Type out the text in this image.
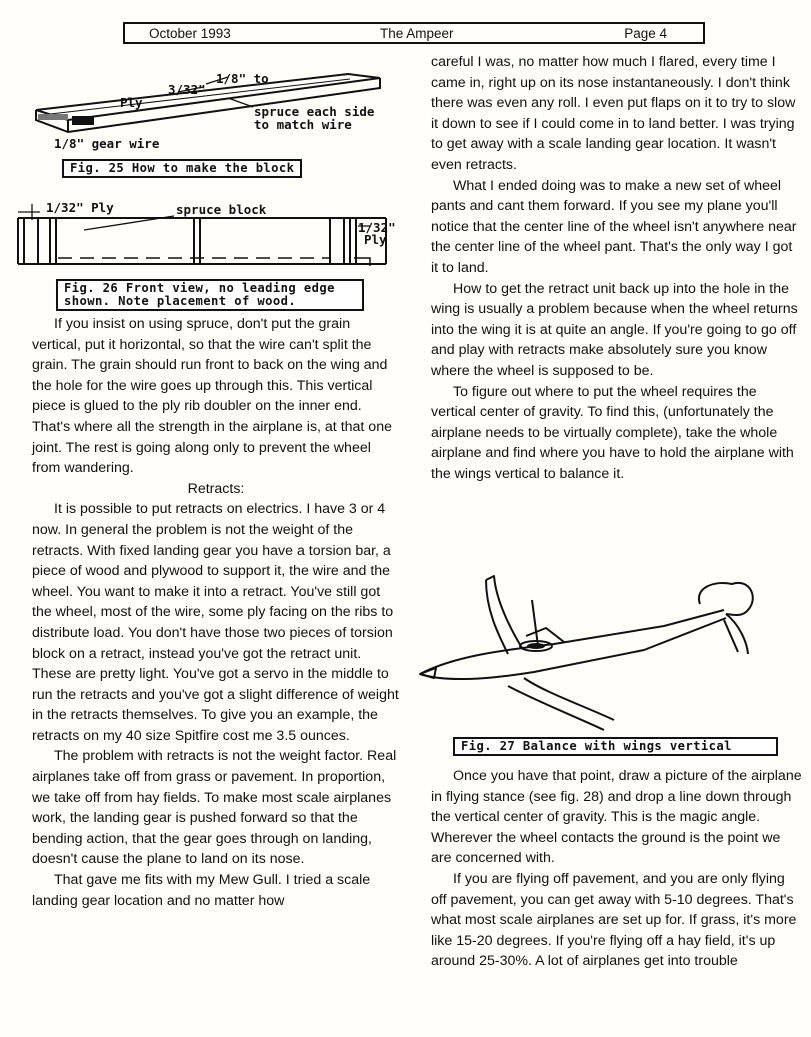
October 1993	The Ampeer	Page 4
1/8" to
3/32"
Ply
spruce each side
to match wire
1/8" gear wire
Fig. 25 How to make the block
1/32" Ply	spruce block
1/32"
Ply
Fig. 26 Front view, no leading edge
shown. Note placement of wood.

If you insist on using spruce, don't put the grain vertical, put it horizontal, so that the wire can't split the grain. The grain should run front to back on the wing and the hole for the wire goes up through this. This vertical piece is glued to the ply rib doubler on the inner end. That's where all the strength in the airplane is, at that one joint. The rest is going along only to prevent the wheel from wandering.

Retracts:

It is possible to put retracts on electrics. I have 3 or 4 now. In general the problem is not the weight of the retracts. With fixed landing gear you have a torsion bar, a piece of wood and plywood to support it, the wire and the wheel. You want to make it into a retract. You've still got the wheel, most of the wire, some ply facing on the ribs to distribute load. You don't have those two pieces of torsion block on a retract, instead you've got the retract unit. These are pretty light. You've got a servo in the middle to run the retracts and you've got a slight difference of weight in the retracts themselves. To give you an example, the retracts on my 40 size Spitfire cost me 3.5 ounces.

The problem with retracts is not the weight factor. Real airplanes take off from grass or pavement. In proportion, we take off from hay fields. To make most scale airplanes work, the landing gear is pushed forward so that the bending action, that the gear goes through on landing, doesn't cause the plane to land on its nose.

That gave me fits with my Mew Gull. I tried a scale landing gear location and no matter how

careful I was, no matter how much I flared, every time I came in, right up on its nose instantaneously. I don't think there was even any roll. I even put flaps on it to try to slow it down to see if I could come in to land better. I was trying to get away with a scale landing gear location. It wasn't even retracts.

What I ended doing was to make a new set of wheel pants and cant them forward. If you see my plane you'll notice that the center line of the wheel isn't anywhere near the center line of the wheel pant. That's the only way I got it to land.

How to get the retract unit back up into the hole in the wing is usually a problem because when the wheel returns into the wing it is at quite an angle. If you're going to go off and play with retracts make absolutely sure you know where the wheel is supposed to be.

To figure out where to put the wheel requires the vertical center of gravity. To find this, (unfortunately the airplane needs to be virtually complete), take the whole airplane and find where you have to hold the airplane with the wings vertical to balance it.

Fig. 27 Balance with wings vertical

Once you have that point, draw a picture of the airplane in flying stance (see fig. 28) and drop a line down through the vertical center of gravity. This is the magic angle. Wherever the wheel contacts the ground is the point we are concerned with.

If you are flying off pavement, and you are only flying off pavement, you can get away with 5-10 degrees. That's what most scale airplanes are set up for. If grass, it's more like 15-20 degrees. If you're flying off a hay field, it's up around 25-30%. A lot of airplanes get into trouble
